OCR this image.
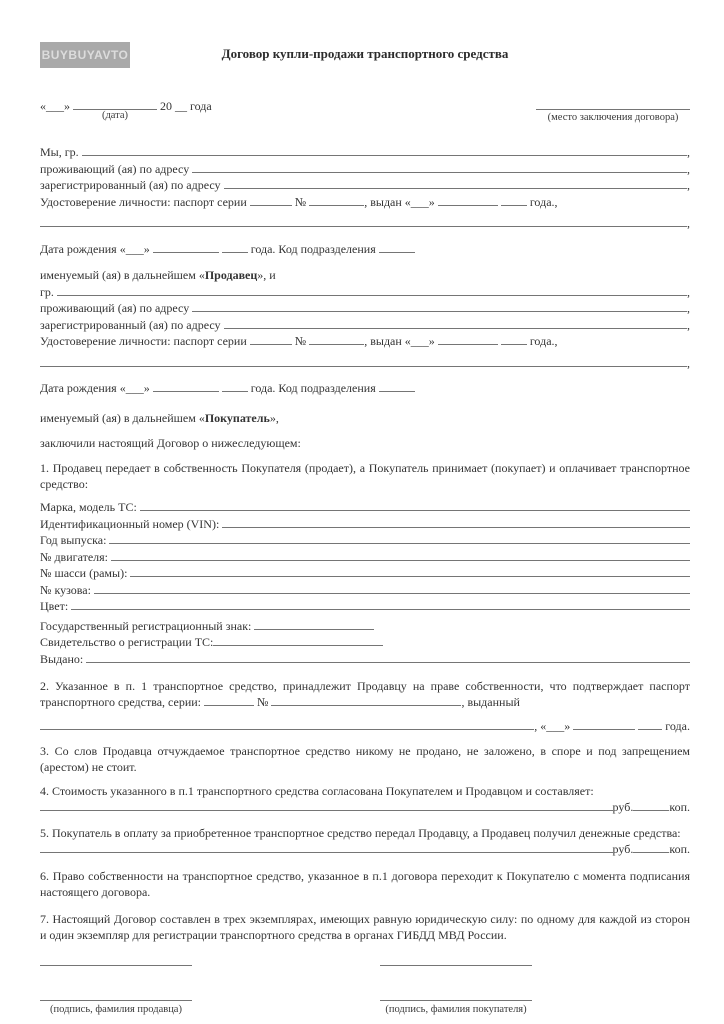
BUYBUYAVTO	Договор купли-продажи транспортного средства
«___»
(дата)
20 __ года
(место заключения договора)
Мы, гр.	,
проживающий (ая) по адресу	,
зарегистрированный (ая) по адресу	,
Удостоверение личности: паспорт серии	№	, выдан «___»
	года.,
,
Дата рождения «___»
	года. Код подразделения
именуемый (ая) в дальнейшем « Продавец », и
гр.	,
проживающий (ая) по адресу	,
зарегистрированный (ая) по адресу	,
Удостоверение личности: паспорт серии	№	, выдан «___»
	года.,
,
Дата рождения «___»
	года. Код подразделения
именуемый (ая) в дальнейшем « Покупатель »,

заключили настоящий Договор о нижеследующем:

1. Продавец передает в собственность Покупателя (продает), а Покупатель принимает (покупает) и оплачивает транспортное средство:

Марка, модель ТС:
Идентификационный номер (VIN):
Год выпуска:
№ двигателя:
№ шасси (рамы):
№ кузова:
Цвет:
Государственный регистрационный знак:
Свидетельство о регистрации ТС:
Выдано:

2. Указанное в п. 1 транспортное средство, принадлежит Продавцу на праве собственности, что подтверждает паспорт транспортного средства, серии:	№	, выданный

, «___»
	года.

3. Со слов Продавца отчуждаемое транспортное средство никому не продано, не заложено, в споре и под запрещением (арестом) не стоит.

4. Стоимость указанного в п.1 транспортного средства согласована Покупателем и Продавцом и составляет:

руб.	коп.

5. Покупатель в оплату за приобретенное транспортное средство передал Продавцу, а Продавец получил денежные средства:

руб.	коп.

6. Право собственности на транспортное средство, указанное в п.1 договора переходит к Покупателю с момента подписания настоящего договора.

7. Настоящий Договор составлен в трех экземплярах, имеющих равную юридическую силу: по одному для каждой из сторон и один экземпляр для регистрации транспортного средства в органах ГИБДД МВД России.

(подпись, фамилия продавца)	(подпись, фамилия покупателя)
